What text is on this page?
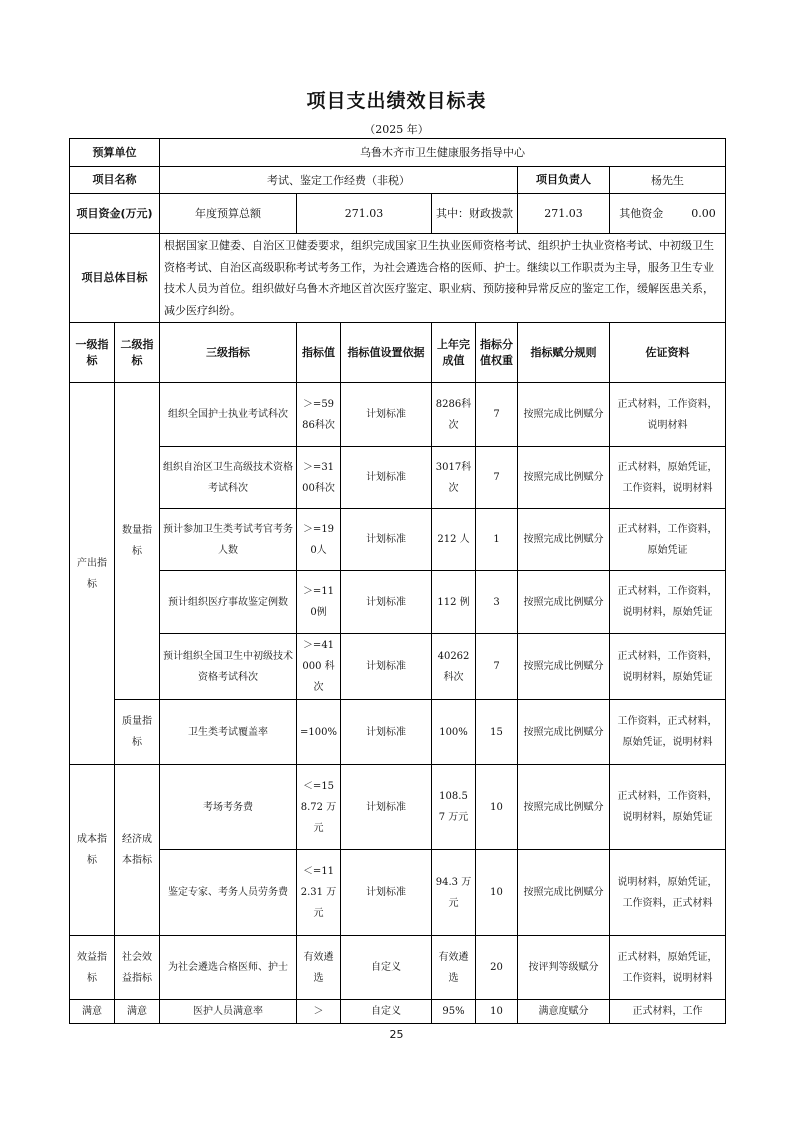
项目支出绩效目标表
（2025 年）
预算单位		乌鲁木齐市卫生健康服务指导中心						
项目名称		考试、鉴定工作经费（非税）					项目负责人	杨先生
项目资金(万元)		年度预算总额	271.03		其中：财政拨款		271.03	其他资金 0.00
项目总体目标		根据国家卫健委、自治区卫健委要求，组织完成国家卫生执业医师资格考试、组织护士执业资格考试、中初级卫生资格考试、自治区高级职称考试考务工作，为社会遴选合格的医师、护士。继续以工作职责为主导，服务卫生专业技术人员为首位。组织做好乌鲁木齐地区首次医疗鉴定、职业病、预防接种异常反应的鉴定工作，缓解医患关系，减少医疗纠纷。						
一级指标	二级指标	三级指标	指标值	指标值设置依据	上年完成值	指标分值权重	指标赋分规则	佐证资料
产出指标	数量指标	组织全国护士执业考试科次	＞=5986科次	计划标准	8286科次	7	按照完成比例赋分	正式材料，工作资料，说明材料
		组织自治区卫生高级技术资格考试科次	＞=3100科次	计划标准	3017科次	7	按照完成比例赋分	正式材料，原始凭证，工作资料，说明材料
		预计参加卫生类考试考官考务人数	＞=190人	计划标准	212 人	1	按照完成比例赋分	正式材料，工作资料，原始凭证
		预计组织医疗事故鉴定例数	＞=110例	计划标准	112 例	3	按照完成比例赋分	正式材料，工作资料，说明材料，原始凭证
		预计组织全国卫生中初级技术资格考试科次	＞=41000 科次	计划标准	40262科次	7	按照完成比例赋分	正式材料，工作资料，说明材料，原始凭证
	质量指标	卫生类考试覆盖率	=100%	计划标准	100%	15	按照完成比例赋分	工作资料，正式材料，原始凭证，说明材料
成本指标	经济成本指标	考场考务费	＜=158.72 万元	计划标准	108.5 7 万元	10	按照完成比例赋分	正式材料，工作资料，说明材料，原始凭证
		鉴定专家、考务人员劳务费	＜=112.31 万元	计划标准	94.3 万元	10	按照完成比例赋分	说明材料，原始凭证，工作资料，正式材料
效益指标	社会效益指标	为社会遴选合格医师、护士	有效遴选	自定义	有效遴选	20	按评判等级赋分	正式材料，原始凭证，工作资料，说明材料
满意	满意	医护人员满意率	＞	自定义	95%	10	满意度赋分	正式材料，工作
25
